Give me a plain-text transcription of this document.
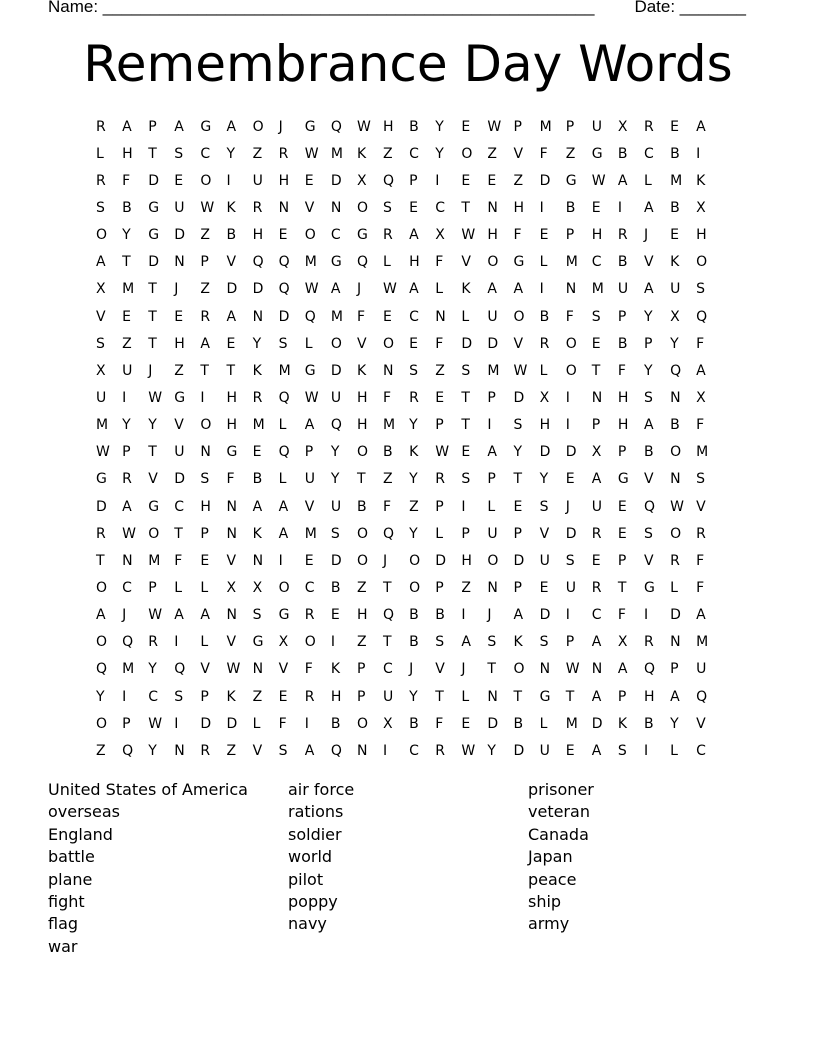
Name: ____________________________________________________ Date: _______
Remembrance Day Words
R	A	P	A	G	A	O	J	G	Q	W H	B	Y	E	W P	M	P	U	X	R	E	A
L	H	T	S	C	Y	Z	R	W M	K	Z	C	Y	O	Z	V	F	Z	G	B	C	B	I
R	F	D	E	O	I	U	H	E	D	X	Q	P	I	E	E	Z	D	G	W A	L	M	K
S	B	G	U	W K	R	N	V	N	O	S	E	C	T	N	H	I	B	E	I	A	B	X
O	Y	G	D	Z	B	H	E	O	C	G	R	A	X	W H	F	E	P	H	R	J	E	H
A	T	D	N	P	V	Q	Q	M	G	Q	L	H	F	V	O	G	L	M	C	B	V	K	O
X	M	T	J	Z	D	D	Q	W A	J	W A	L	K	A	A	I	N	M	U	A	U	S
V	E	T	E	R	A	N	D	Q	M	F	E	C	N	L	U	O	B	F	S	P	Y	X	Q
S	Z	T	H	A	E	Y	S	L	O	V	O	E	F	D	D	V	R	O	E	B	P	Y	F
X	U	J	Z	T	T	K	M	G	D	K	N	S	Z	S	M	W L	O	T	F	Y	Q	A
U	I	W G	I	H	R	Q	W U	H	F	R	E	T	P	D	X	I	N	H	S	N	X
M	Y	Y	V	O	H	M	L	A	Q	H	M	Y	P	T	I	S	H	I	P	H	A	B	F
W P	T	U	N	G	E	Q	P	Y	O	B	K	W E	A	Y	D	D	X	P	B	O	M
G	R	V	D	S	F	B	L	U	Y	T	Z	Y	R	S	P	T	Y	E	A	G	V	N	S
D	A	G	C	H	N	A	A	V	U	B	F	Z	P	I	L	E	S	J	U	E	Q	W V
R	W O	T	P	N	K	A	M	S	O	Q	Y	L	P	U	P	V	D	R	E	S	O	R
T	N	M	F	E	V	N	I	E	D	O	J	O	D	H	O	D	U	S	E	P	V	R	F
O	C	P	L	L	X	X	O	C	B	Z	T	O	P	Z	N	P	E	U	R	T	G	L	F
A	J	W A	A	N	S	G	R	E	H	Q	B	B	I	J	A	D	I	C	F	I	D	A
O	Q	R	I	L	V	G	X	O	I	Z	T	B	S	A	S	K	S	P	A	X	R	N	M
Q	M	Y	Q	V	W N	V	F	K	P	C	J	V	J	T	O	N	W N	A	Q	P	U
Y	I	C	S	P	K	Z	E	R	H	P	U	Y	T	L	N	T	G	T	A	P	H	A	Q
O	P	W I	D	D	L	F	I	B	O	X	B	F	E	D	B	L	M	D	K	B	Y	V
Z	Q	Y	N	R	Z	V	S	A	Q	N	I	C	R	W Y	D	U	E	A	S	I	L	C
United States of America
overseas
England
battle
plane
fight
flag
war
air force
rations
soldier
world
pilot
poppy
navy
prisoner
veteran
Canada
Japan
peace
ship
army
